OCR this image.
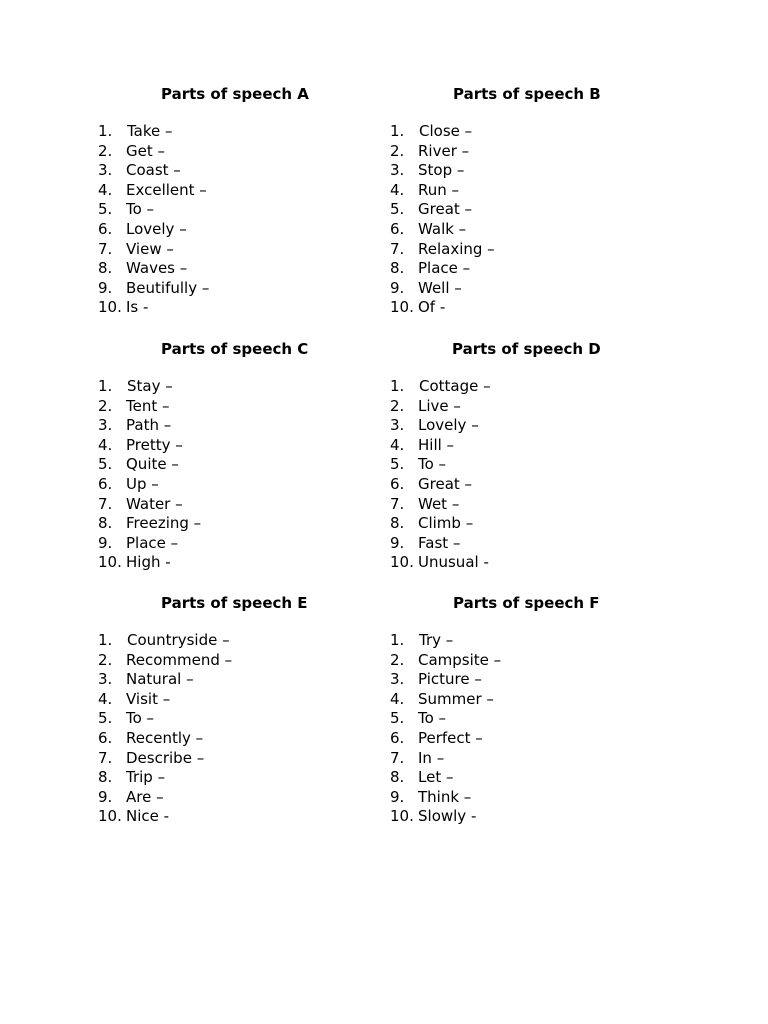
Parts of speech A
1. Take –
2. Get –
3. Coast –
4. Excellent –
5. To –
6. Lovely –
7. View –
8. Waves –
9. Beutifully –
10. Is -
Parts of speech B
1. Close –
2. River –
3. Stop –
4. Run –
5. Great –
6. Walk –
7. Relaxing –
8. Place –
9. Well –
10. Of -
Parts of speech C
1. Stay –
2. Tent –
3. Path –
4. Pretty –
5. Quite –
6. Up –
7. Water –
8. Freezing –
9. Place –
10. High -
Parts of speech D
1. Cottage –
2. Live –
3. Lovely –
4. Hill –
5. To –
6. Great –
7. Wet –
8. Climb –
9. Fast –
10. Unusual -
Parts of speech E
1. Countryside –
2. Recommend –
3. Natural –
4. Visit –
5. To –
6. Recently –
7. Describe –
8. Trip –
9. Are –
10. Nice -
Parts of speech F
1. Try –
2. Campsite –
3. Picture –
4. Summer –
5. To –
6. Perfect –
7. In –
8. Let –
9. Think –
10. Slowly -
